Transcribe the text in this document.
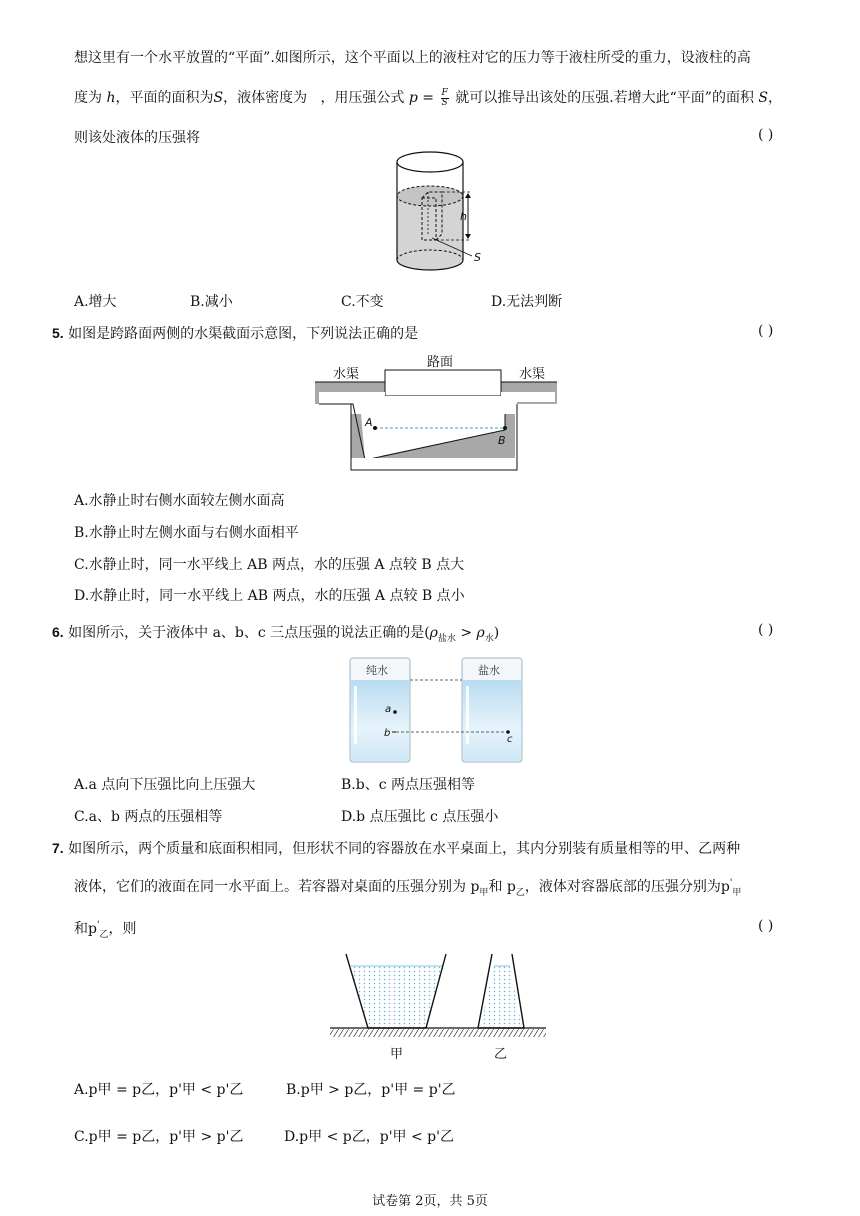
想这里有一个水平放置的“平面”.如图所示，这个平面以上的液柱对它的压力等于液柱所受的重力，设液柱的高
度为 h，平面的面积为S，液体密度为 ，用压强公式 $p = \frac{F}{S}$ 就可以推导出该处的压强.若增大此“平面”的面积 S，
则该处液体的压强将	( )
h
S
A.增大	B.减小	C.不变	D.无法判断
5. 如图是跨路面两侧的水渠截面示意图，下列说法正确的是	( )
A
B
水渠
路面
水渠
A.水静止时右侧水面较左侧水面高
B.水静止时左侧水面与右侧水面相平
C.水静止时，同一水平线上 AB 两点，水的压强 A 点较 B 点大
D.水静止时，同一水平线上 AB 两点，水的压强 A 点较 B 点小
6. 如图所示，关于液体中 a、b、c 三点压强的说法正确的是$(\rho_{盐水} > \rho_水)$	( )
a
b
c
纯水	盐水
A.a 点向下压强比向上压强大	B.b、c 两点压强相等
C.a、b 两点的压强相等	D.b 点压强比 c 点压强小
7. 如图所示，两个质量和底面积相同，但形状不同的容器放在水平桌面上，其内分别装有质量相等的甲、乙两种
液体，它们的液面在同一水平面上。若容器对桌面的压强分别为 $p_甲$和 $p_乙$，液体对容器底部的压强分别为$p'_甲$
和$p'_乙$，则	( )
甲	乙
A.p甲 = p乙，p'甲 < p'乙	B.p甲 > p乙，p'甲 = p'乙
C.p甲 = p乙，p'甲 > p'乙	D.p甲 < p乙，p'甲 < p'乙
试卷第 2页，共 5页
